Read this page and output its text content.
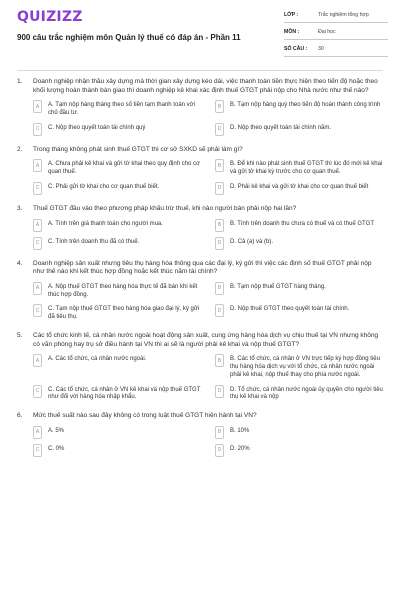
QUIZIZZ
900 câu trắc nghiệm môn Quản lý thuế có đáp án - Phần 11
LỚP :	Trắc nghiệm tổng hợp
MÔN :	Đại học
SỐ CÂU :	30
1.	Doanh nghiệp nhận thầu xây dựng mà thời gian xây dựng kéo dài, việc thanh toán tiền thực hiện theo tiến độ hoặc theo khối lượng hoàn thành bàn giao thì doanh nghiệp kê khai xác định thuế GTGT phải nộp cho Nhà nước như thế nào?
A	A. Tạm nộp hàng tháng theo số tiền tạm thanh toán với chủ đầu tư.
B	B. Tạm nộp hàng quý theo tiến độ hoàn thành công trình
C	C. Nộp theo quyết toán tài chính quý	D	D. Nộp theo quyết toán tài chính năm.
2.	Trong tháng không phát sinh thuế GTGT thì cơ sở SXKD sẽ phải làm gì?
A	A. Chưa phải kê khai và gửi tờ khai theo quy định cho cơ quan thuế.
B	B. Để khi nào phát sinh thuế GTGT thì lúc đó mới kê khai và gửi tờ khai kỳ trước cho cơ quan thuế.
C	C. Phải gửi tờ khai cho cơ quan thuế biết.	D	D. Phải kê khai và gửi tờ khai cho cơ quan thuế biết
3.	Thuế GTGT đầu vào theo phương pháp khấu trừ thuế, khi nào người bán phải nộp hai lần?
A	A. Tính trên giá thanh toán cho người mua.	B	B. Tính trên doanh thu chưa có thuế và có thuế GTGT
C	C. Tính trên doanh thu đã có thuế.	D	D. Cả (a) và (b).
4.	Doanh nghiệp sản xuất nhưng tiêu thụ hàng hóa thông qua các đại lý, ký gửi thì việc các định số thuế GTGT phải nộp như thế nào khi kết thúc hợp đồng hoặc kết thúc năm tài chính?
A	A. Nộp thuế GTGT theo hàng hóa thực tế đã bán khi kết thúc hợp đồng.
B	B. Tạm nộp thuế GTGT hàng tháng.
C	C. Tạm nộp thuế GTGT theo hàng hóa giao đại lý, ký gửi đã tiêu thụ.
D	D. Nộp thuế GTGT theo quyết toán tài chính.
5.	Các tổ chức kinh tế, cá nhân nước ngoài hoạt động sản xuất, cung ứng hàng hóa dịch vụ chịu thuế tại VN nhưng không có văn phòng hay trụ sở điều hành tại VN thì ai sẽ là người phải kê khai và nộp thuế GTGT?
A	A. Các tổ chức, cá nhân nước ngoài.	B	B. Các tổ chức, cá nhân ở VN trực tiếp ký hợp đồng tiêu thụ hàng hóa dịch vụ với tổ chức, cá nhân nước ngoài phải kê khai, nộp thuế thay cho phía nước ngoài.
C	C. Các tổ chức, cá nhân ở VN kê khai và nộp thuế GTGT như đối với hàng hóa nhập khẩu.
D	D. Tổ chức, cá nhân nước ngoài ủy quyền cho người tiêu thụ kê khai và nộp
6.	Mức thuế suất nào sau đây không có trong luật thuế GTGT hiện hành tại VN?
A	A. 5%	B	B. 10%
C	C. 0%	D	D. 20%
